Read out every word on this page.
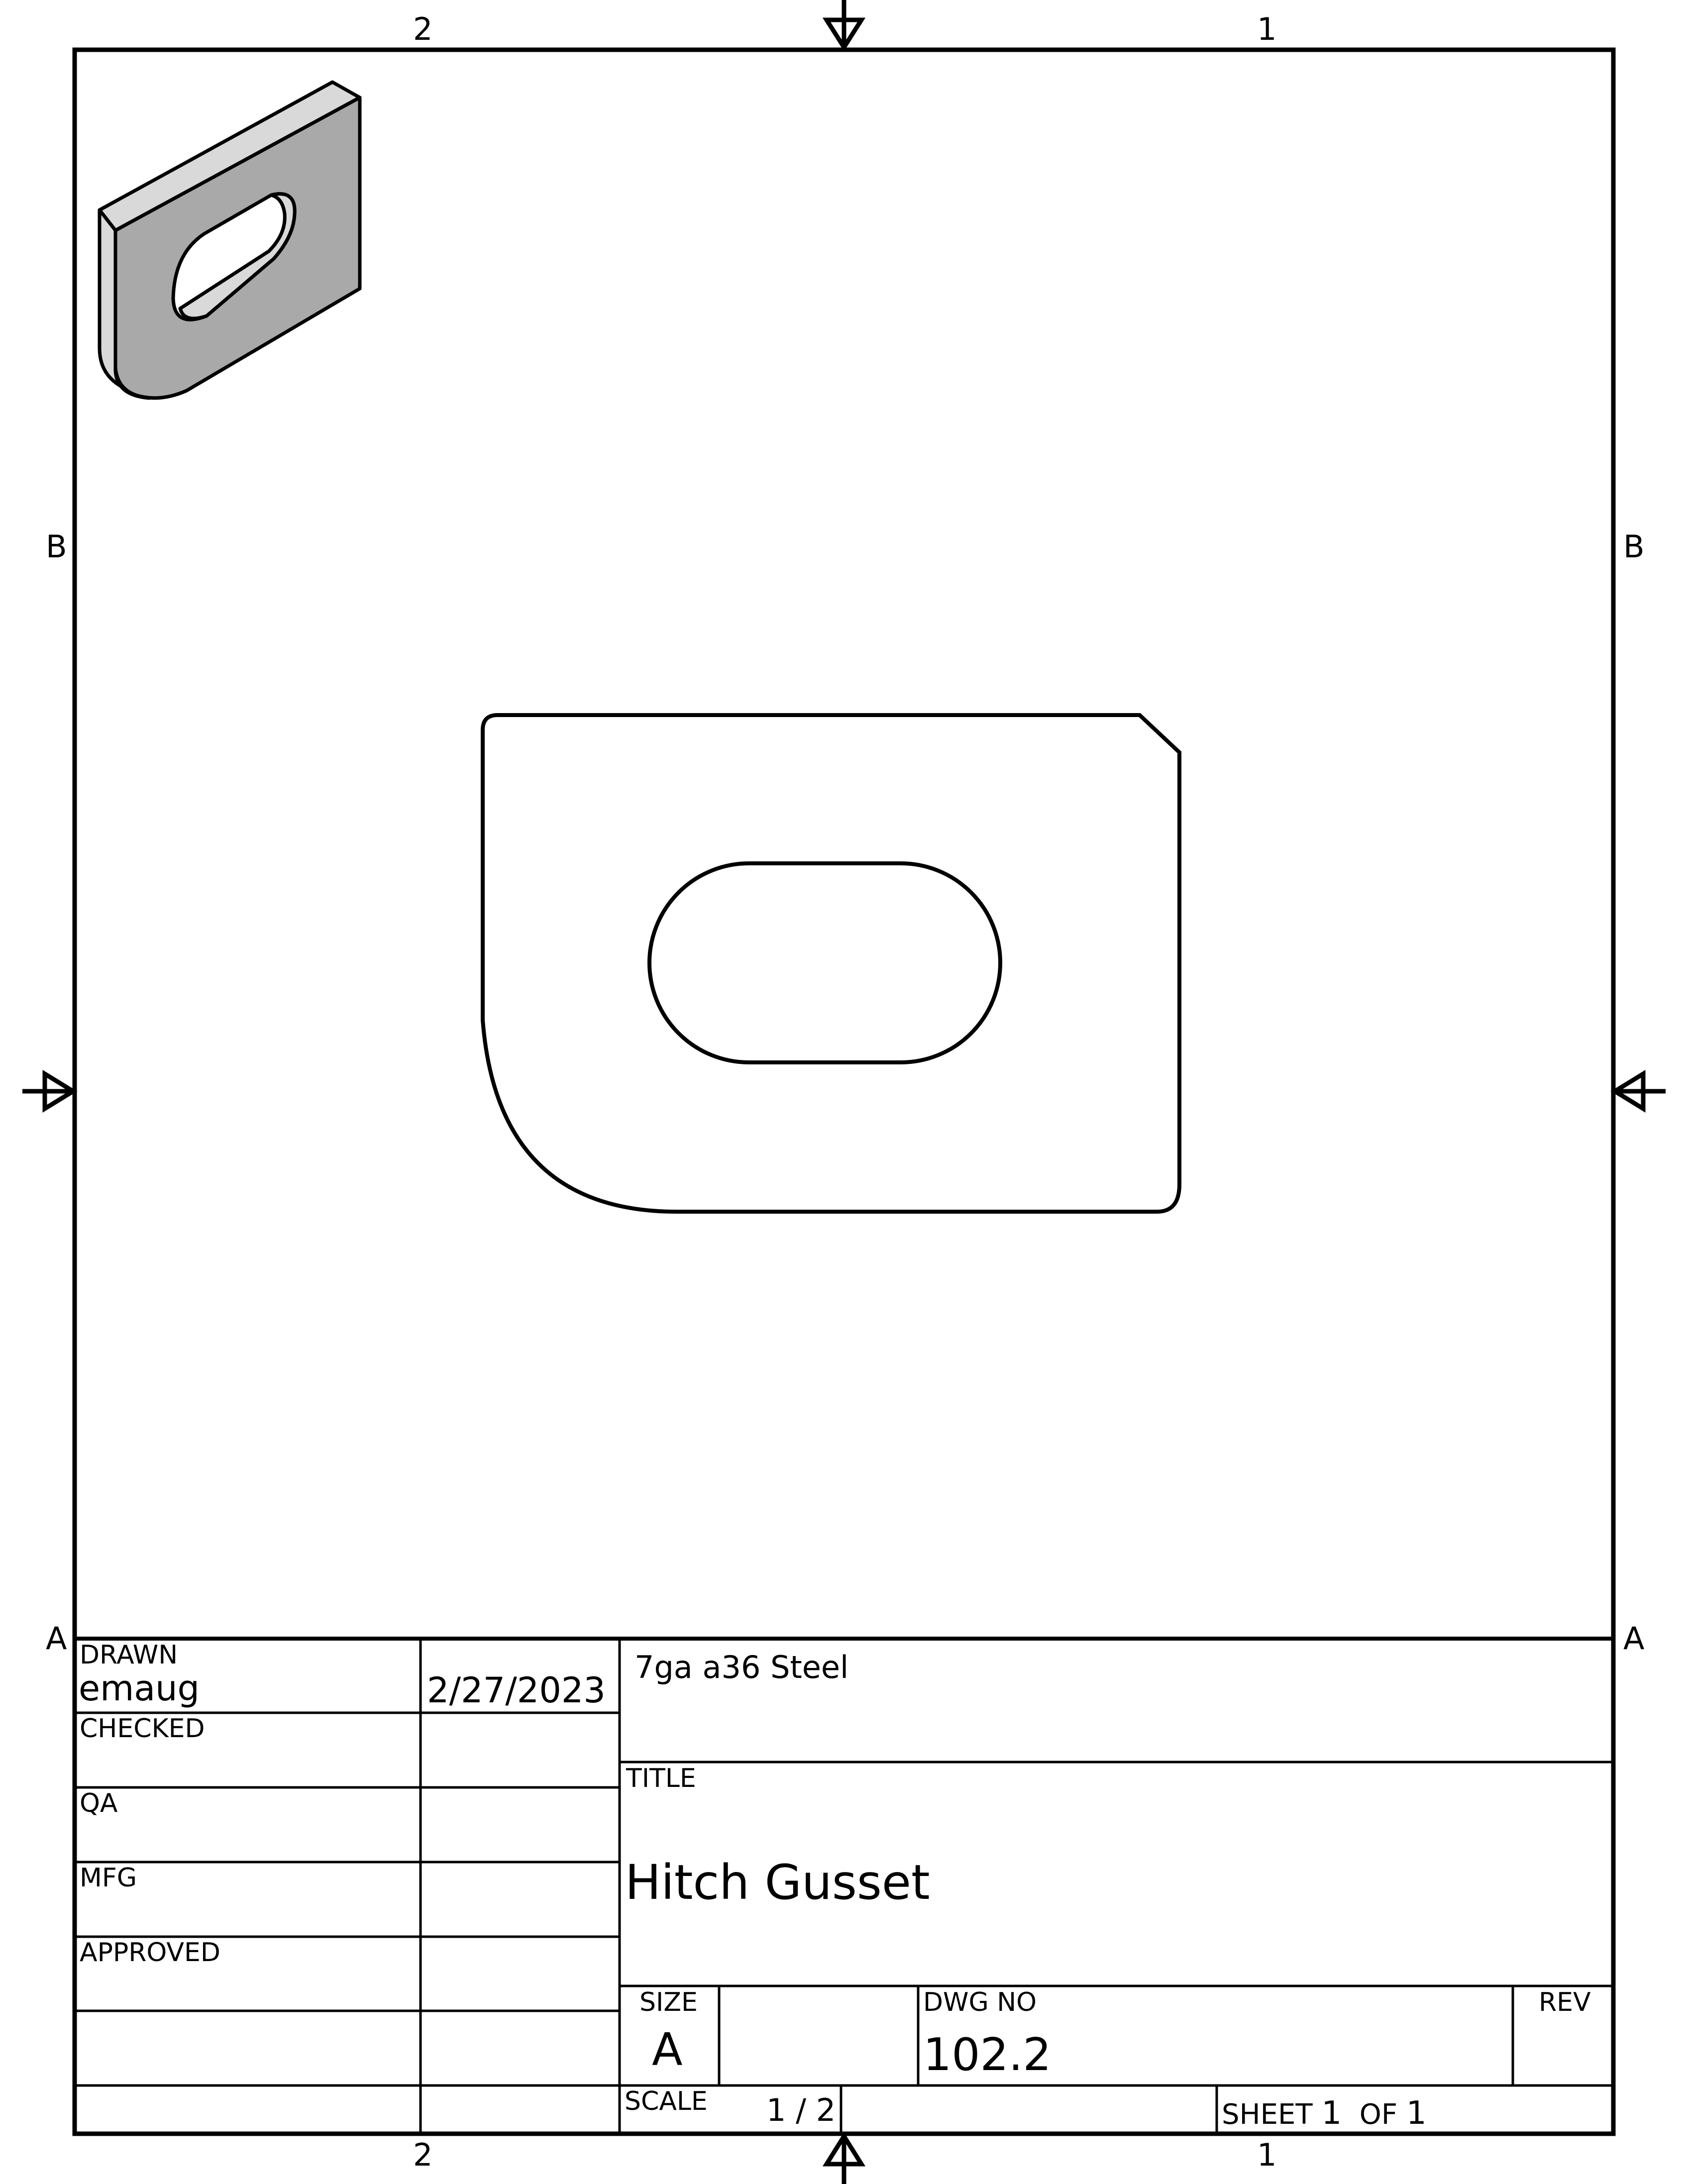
2	1
2	1
B
A
B
A
DRAWN
emaug	2/27/2023
CHECKED
QA
MFG
APPROVED
7ga a36 Steel
TITLE
Hitch Gusset
SIZE
A
DWG NO
102.2
REV
SCALE 1 / 2	SHEET 1 OF 1
